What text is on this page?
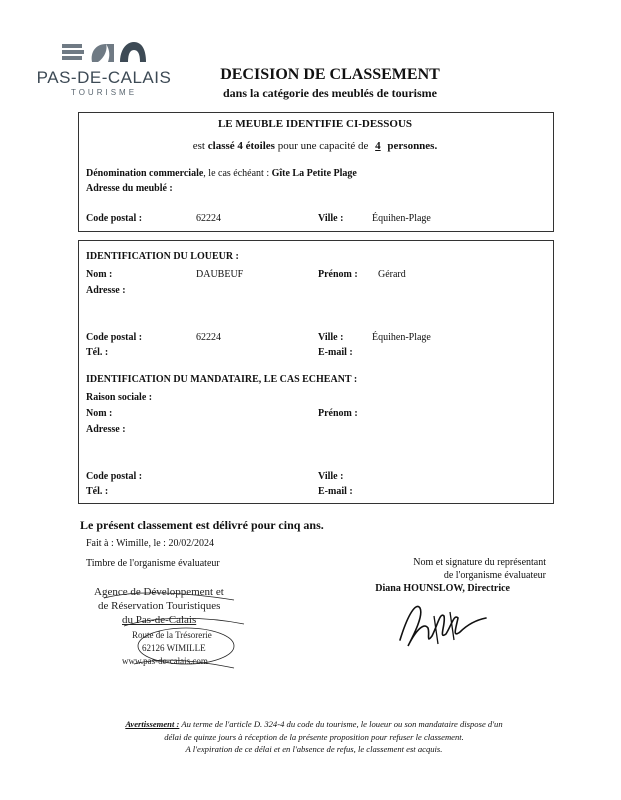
PAS-DE-CALAIS
TOURISME
DECISION DE CLASSEMENT
dans la catégorie des meublés de tourisme
LE MEUBLE IDENTIFIE CI-DESSOUS
est classé 4 étoiles pour une capacité de 4 personnes.
Dénomination commerciale, le cas échéant : Gîte La Petite Plage
Adresse du meublé :
Code postal :	62224	Ville :	Équihen-Plage
IDENTIFICATION DU LOUEUR :
Nom :	DAUBEUF	Prénom : Gérard
Adresse :
Code postal :	62224	Ville :	Équihen-Plage
Tél. :	E-mail :
IDENTIFICATION DU MANDATAIRE, LE CAS ECHEANT :
Raison sociale :
Nom :	Prénom :
Adresse :
Code postal :	Ville :
Tél. :	E-mail :
Le présent classement est délivré pour cinq ans.
Fait à : Wimille, le : 20/02/2024
Timbre de l'organisme évaluateur	Nom et signature du représentant
de l'organisme évaluateur
Diana HOUNSLOW, Directrice
Agence de Développement et
de Réservation Touristiques
du Pas-de-Calais
Route de la Trésorerie
62126 WIMILLE
www.pas-de-calais.com
Avertissement : Au terme de l'article D. 324-4 du code du tourisme, le loueur ou son mandataire dispose d'un
délai de quinze jours à réception de la présente proposition pour refuser le classement.
A l'expiration de ce délai et en l'absence de refus, le classement est acquis.
